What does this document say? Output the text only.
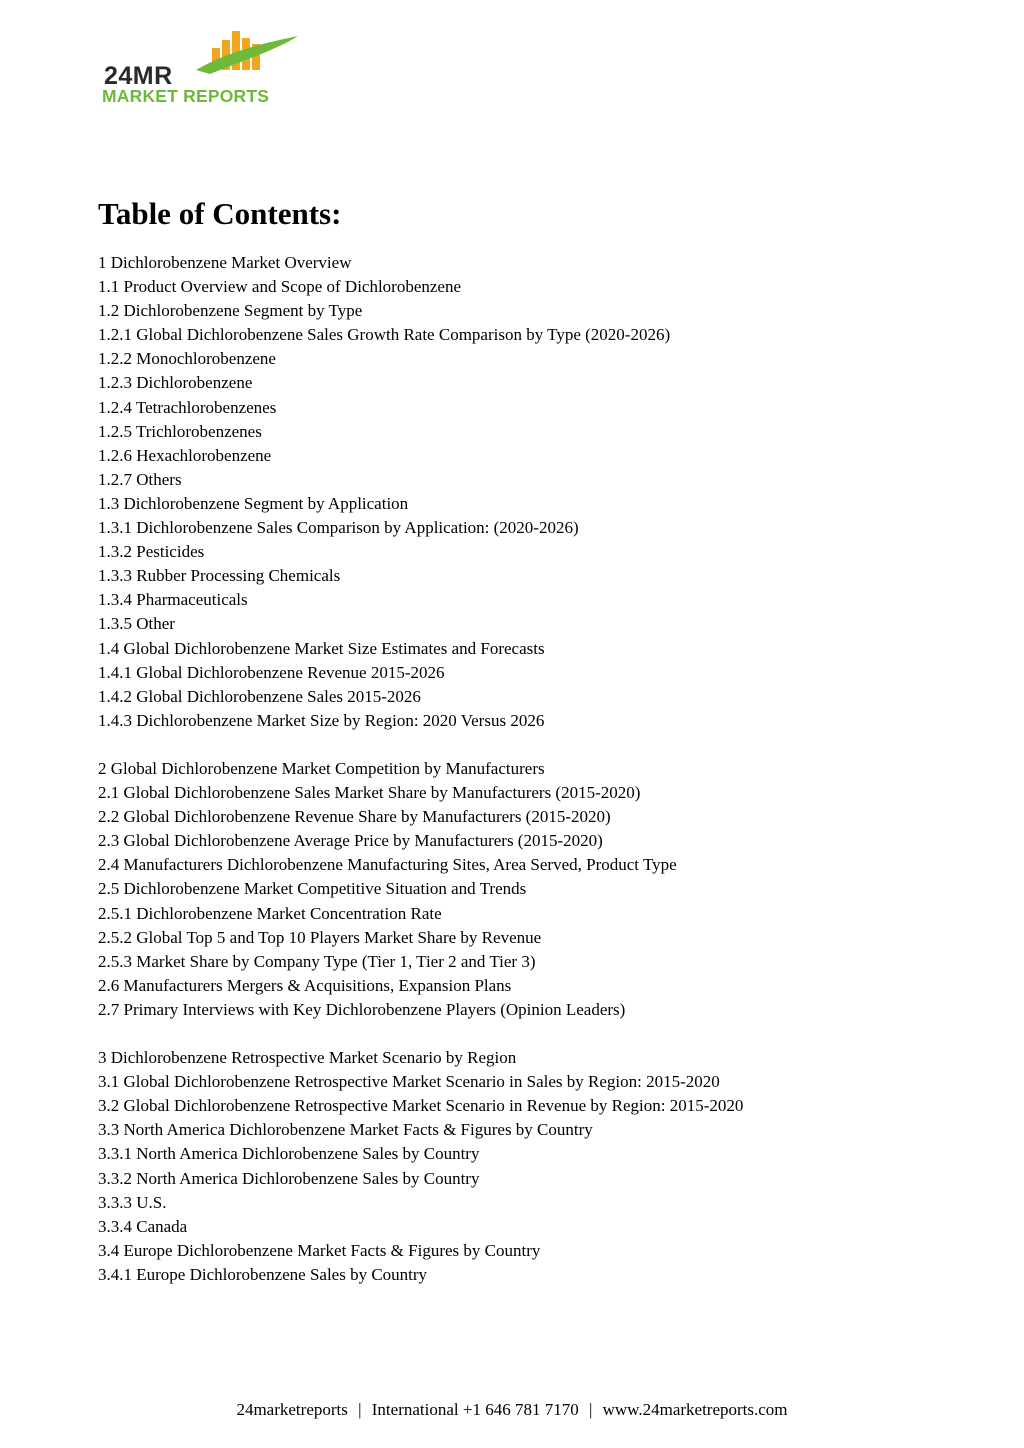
24MR
MARKET REPORTS
Table of Contents:
1 Dichlorobenzene Market Overview
1.1 Product Overview and Scope of Dichlorobenzene
1.2 Dichlorobenzene Segment by Type
1.2.1 Global Dichlorobenzene Sales Growth Rate Comparison by Type (2020-2026)
1.2.2 Monochlorobenzene
1.2.3 Dichlorobenzene
1.2.4 Tetrachlorobenzenes
1.2.5 Trichlorobenzenes
1.2.6 Hexachlorobenzene
1.2.7 Others
1.3 Dichlorobenzene Segment by Application
1.3.1 Dichlorobenzene Sales Comparison by Application: (2020-2026)
1.3.2 Pesticides
1.3.3 Rubber Processing Chemicals
1.3.4 Pharmaceuticals
1.3.5 Other
1.4 Global Dichlorobenzene Market Size Estimates and Forecasts
1.4.1 Global Dichlorobenzene Revenue 2015-2026
1.4.2 Global Dichlorobenzene Sales 2015-2026
1.4.3 Dichlorobenzene Market Size by Region: 2020 Versus 2026
2 Global Dichlorobenzene Market Competition by Manufacturers
2.1 Global Dichlorobenzene Sales Market Share by Manufacturers (2015-2020)
2.2 Global Dichlorobenzene Revenue Share by Manufacturers (2015-2020)
2.3 Global Dichlorobenzene Average Price by Manufacturers (2015-2020)
2.4 Manufacturers Dichlorobenzene Manufacturing Sites, Area Served, Product Type
2.5 Dichlorobenzene Market Competitive Situation and Trends
2.5.1 Dichlorobenzene Market Concentration Rate
2.5.2 Global Top 5 and Top 10 Players Market Share by Revenue
2.5.3 Market Share by Company Type (Tier 1, Tier 2 and Tier 3)
2.6 Manufacturers Mergers & Acquisitions, Expansion Plans
2.7 Primary Interviews with Key Dichlorobenzene Players (Opinion Leaders)
3 Dichlorobenzene Retrospective Market Scenario by Region
3.1 Global Dichlorobenzene Retrospective Market Scenario in Sales by Region: 2015-2020
3.2 Global Dichlorobenzene Retrospective Market Scenario in Revenue by Region: 2015-2020
3.3 North America Dichlorobenzene Market Facts & Figures by Country
3.3.1 North America Dichlorobenzene Sales by Country
3.3.2 North America Dichlorobenzene Sales by Country
3.3.3 U.S.
3.3.4 Canada
3.4 Europe Dichlorobenzene Market Facts & Figures by Country
3.4.1 Europe Dichlorobenzene Sales by Country
24marketreports | International +1 646 781 7170 | www.24marketreports.com
